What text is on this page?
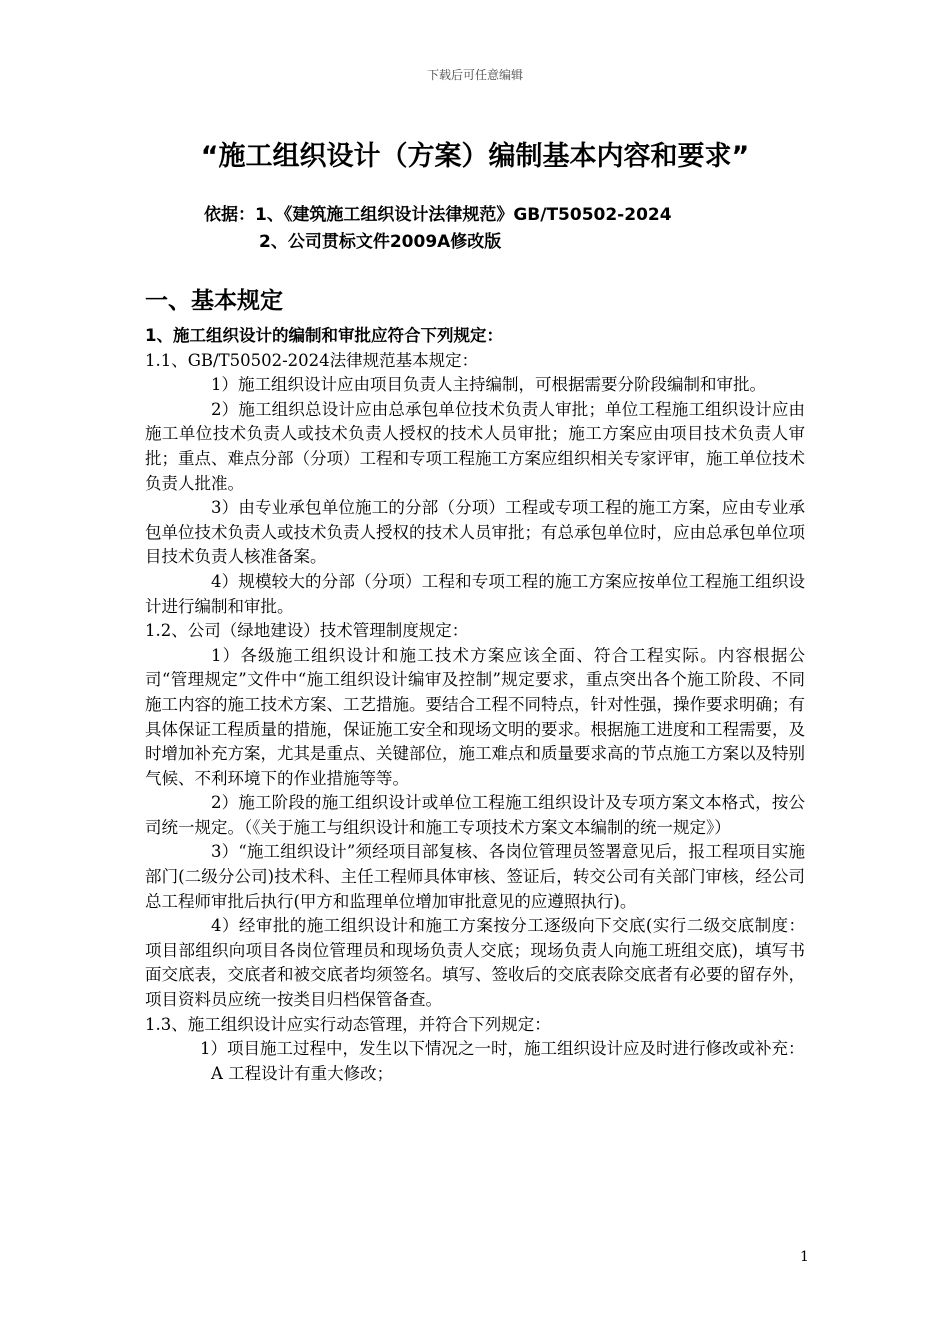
下载后可任意编辑
“施工组织设计（方案）编制基本内容和要求”
依据：1、《建筑施工组织设计法律规范》GB/T50502-2024
2、公司贯标文件2009A修改版
一、基本规定

1、施工组织设计的编制和审批应符合下列规定：

1.1、GB/T50502-2024法律规范基本规定：

1）施工组织设计应由项目负责人主持编制，可根据需要分阶段编制和审批。

2）施工组织总设计应由总承包单位技术负责人审批；单位工程施工组织设计应由施工单位技术负责人或技术负责人授权的技术人员审批；施工方案应由项目技术负责人审批；重点、难点分部（分项）工程和专项工程施工方案应组织相关专家评审，施工单位技术负责人批准。

3）由专业承包单位施工的分部（分项）工程或专项工程的施工方案，应由专业承包单位技术负责人或技术负责人授权的技术人员审批；有总承包单位时，应由总承包单位项目技术负责人核准备案。

4）规模较大的分部（分项）工程和专项工程的施工方案应按单位工程施工组织设计进行编制和审批。

1.2、公司（绿地建设）技术管理制度规定：

1）各级施工组织设计和施工技术方案应该全面、符合工程实际。内容根据公司“管理规定”文件中“施工组织设计编审及控制”规定要求，重点突出各个施工阶段、不同施工内容的施工技术方案、工艺措施。要结合工程不同特点，针对性强，操作要求明确；有具体保证工程质量的措施，保证施工安全和现场文明的要求。根据施工进度和工程需要，及时增加补充方案，尤其是重点、关键部位，施工难点和质量要求高的节点施工方案以及特别气候、不利环境下的作业措施等等。

2）施工阶段的施工组织设计或单位工程施工组织设计及专项方案文本格式，按公司统一规定。（《关于施工与组织设计和施工专项技术方案文本编制的统一规定》）

3）“施工组织设计”须经项目部复核、各岗位管理员签署意见后，报工程项目实施部门(二级分公司)技术科、主任工程师具体审核、签证后，转交公司有关部门审核，经公司总工程师审批后执行(甲方和监理单位增加审批意见的应遵照执行)。

4）经审批的施工组织设计和施工方案按分工逐级向下交底(实行二级交底制度：项目部组织向项目各岗位管理员和现场负责人交底；现场负责人向施工班组交底)，填写书面交底表，交底者和被交底者均须签名。填写、签收后的交底表除交底者有必要的留存外，项目资料员应统一按类目归档保管备查。

1.3、施工组织设计应实行动态管理，并符合下列规定：

1）项目施工过程中，发生以下情况之一时，施工组织设计应及时进行修改或补充：

A 工程设计有重大修改；

1
